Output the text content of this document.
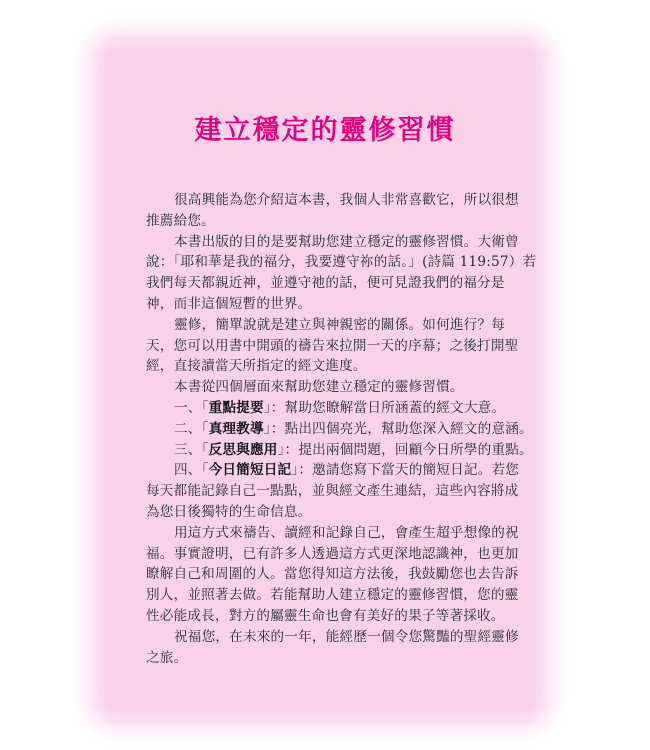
建立穩定的靈修習慣
很高興能為您介紹這本書，我個人非常喜歡它，所以很想
推薦給您。
本書出版的目的是要幫助您建立穩定的靈修習慣。大衛曾
說：「耶和華是我的福分，我要遵守祢的話。」(詩篇 119:57）若
我們每天都親近神，並遵守祂的話，便可見證我們的福分是
神，而非這個短暫的世界。
靈修，簡單說就是建立與神親密的關係。如何進行？每
天，您可以用書中開頭的禱告來拉開一天的序幕；之後打開聖
經，直接讀當天所指定的經文進度。
本書從四個層面來幫助您建立穩定的靈修習慣。
一、「重點提要」：幫助您瞭解當日所涵蓋的經文大意。
二、「真理教導」：點出四個亮光，幫助您深入經文的意涵。
三、「反思與應用」：提出兩個問題，回顧今日所學的重點。
四、「今日簡短日記」：邀請您寫下當天的簡短日記。若您
每天都能記錄自己一點點，並與經文產生連結，這些內容將成
為您日後獨特的生命信息。
用這方式來禱告、讀經和記錄自己，會產生超乎想像的祝
福。事實證明，已有許多人透過這方式更深地認識神，也更加
瞭解自己和周圍的人。當您得知這方法後，我鼓勵您也去告訴
別人，並照著去做。若能幫助人建立穩定的靈修習慣，您的靈
性必能成長，對方的屬靈生命也會有美好的果子等著採收。
祝福您，在未來的一年，能經歷一個令您驚豔的聖經靈修
之旅。
